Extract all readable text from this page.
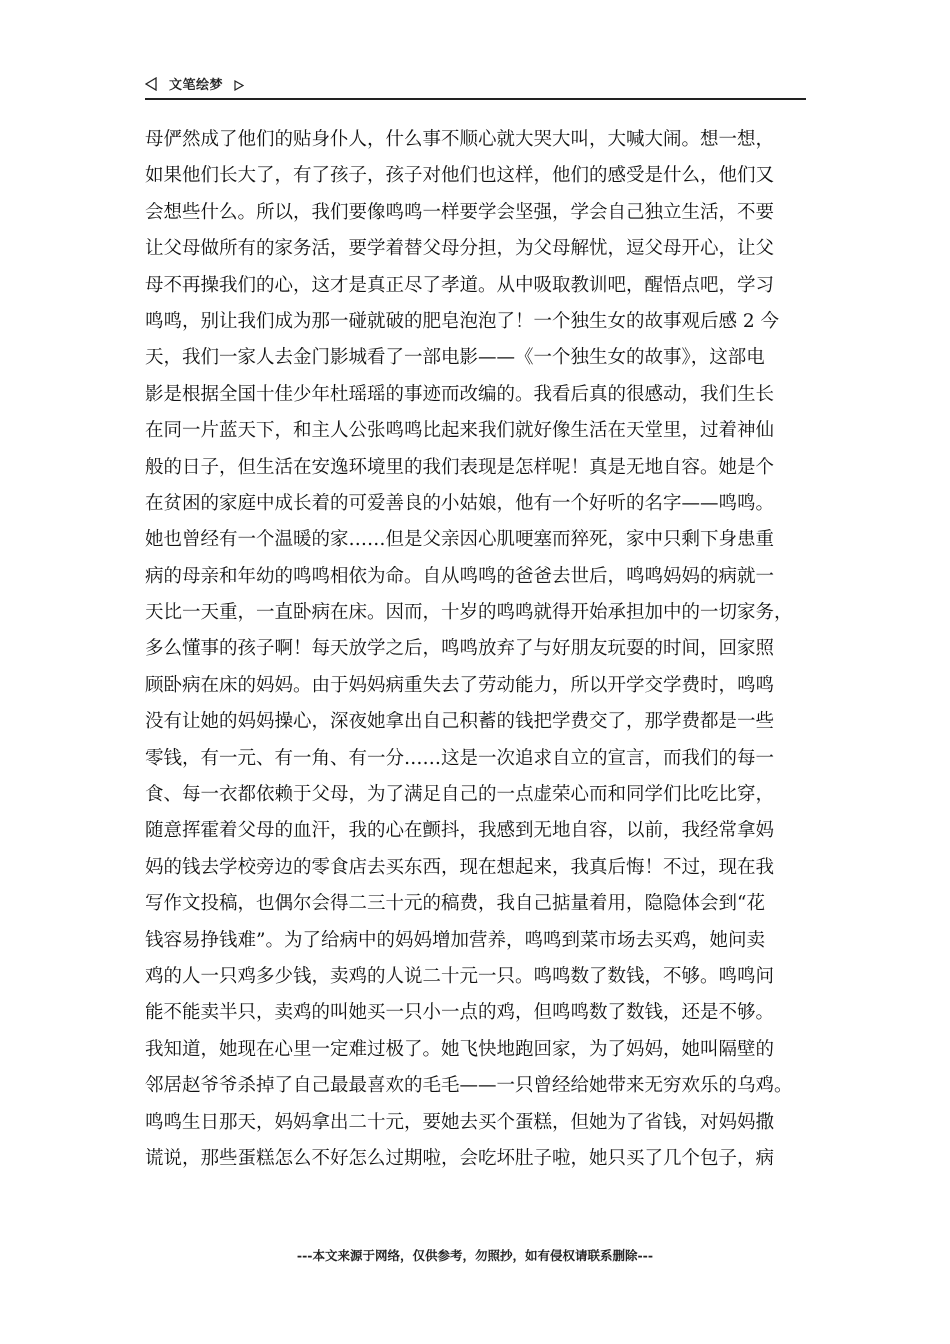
文笔绘梦
母俨然成了他们的贴身仆人，什么事不顺心就大哭大叫，大喊大闹。想一想，
如果他们长大了，有了孩子，孩子对他们也这样，他们的感受是什么，他们又
会想些什么。所以，我们要像鸣鸣一样要学会坚强，学会自己独立生活，不要
让父母做所有的家务活，要学着替父母分担，为父母解忧，逗父母开心，让父
母不再操我们的心，这才是真正尽了孝道。从中吸取教训吧，醒悟点吧，学习
鸣鸣，别让我们成为那一碰就破的肥皂泡泡了！一个独生女的故事观后感 2 今
天，我们一家人去金门影城看了一部电影——《一个独生女的故事》，这部电
影是根据全国十佳少年杜瑶瑶的事迹而改编的。我看后真的很感动，我们生长
在同一片蓝天下，和主人公张鸣鸣比起来我们就好像生活在天堂里，过着神仙
般的日子，但生活在安逸环境里的我们表现是怎样呢！真是无地自容。她是个
在贫困的家庭中成长着的可爱善良的小姑娘，他有一个好听的名字——鸣鸣。
她也曾经有一个温暖的家……但是父亲因心肌哽塞而猝死，家中只剩下身患重
病的母亲和年幼的鸣鸣相依为命。自从鸣鸣的爸爸去世后，鸣鸣妈妈的病就一
天比一天重，一直卧病在床。因而，十岁的鸣鸣就得开始承担加中的一切家务，
多么懂事的孩子啊！每天放学之后，鸣鸣放弃了与好朋友玩耍的时间，回家照
顾卧病在床的妈妈。由于妈妈病重失去了劳动能力，所以开学交学费时，鸣鸣
没有让她的妈妈操心，深夜她拿出自己积蓄的钱把学费交了，那学费都是一些
零钱，有一元、有一角、有一分……这是一次追求自立的宣言，而我们的每一
食、每一衣都依赖于父母，为了满足自己的一点虚荣心而和同学们比吃比穿，
随意挥霍着父母的血汗，我的心在颤抖，我感到无地自容，以前，我经常拿妈
妈的钱去学校旁边的零食店去买东西，现在想起来，我真后悔！不过，现在我
写作文投稿，也偶尔会得二三十元的稿费，我自己掂量着用，隐隐体会到“花
钱容易挣钱难”。为了给病中的妈妈增加营养，鸣鸣到菜市场去买鸡，她问卖
鸡的人一只鸡多少钱，卖鸡的人说二十元一只。鸣鸣数了数钱，不够。鸣鸣问
能不能卖半只，卖鸡的叫她买一只小一点的鸡，但鸣鸣数了数钱，还是不够。
我知道，她现在心里一定难过极了。她飞快地跑回家，为了妈妈，她叫隔壁的
邻居赵爷爷杀掉了自己最最喜欢的毛毛——一只曾经给她带来无穷欢乐的乌鸡。
鸣鸣生日那天，妈妈拿出二十元，要她去买个蛋糕，但她为了省钱，对妈妈撒
谎说，那些蛋糕怎么不好怎么过期啦，会吃坏肚子啦，她只买了几个包子，病
---本文来源于网络，仅供参考，勿照抄，如有侵权请联系删除---
